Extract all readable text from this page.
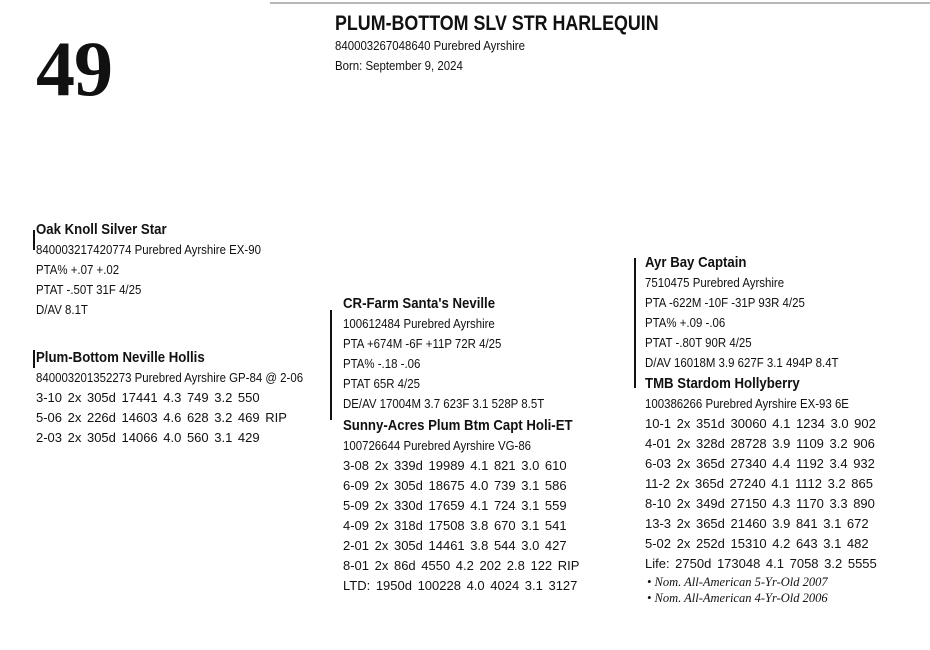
49
PLUM-BOTTOM SLV STR HARLEQUIN
840003267048640 Purebred Ayrshire
Born: September 9, 2024
Oak Knoll Silver Star
840003217420774 Purebred Ayrshire EX-90
PTA% +.07 +.02
PTAT -.50T 31F 4/25
D/AV 8.1T
Plum-Bottom Neville Hollis
840003201352273 Purebred Ayrshire GP-84 @ 2-06
3-10 2x 305d 17441 4.3 749 3.2 550
5-06 2x 226d 14603 4.6 628 3.2 469 RIP
2-03 2x 305d 14066 4.0 560 3.1 429
CR-Farm Santa's Neville
100612484 Purebred Ayrshire
PTA +674M -6F +11P 72R 4/25
PTA% -.18 -.06
PTAT 65R 4/25
DE/AV 17004M 3.7 623F 3.1 528P 8.5T
Sunny-Acres Plum Btm Capt Holi-ET
100726644 Purebred Ayrshire VG-86
3-08 2x 339d 19989 4.1 821 3.0 610
6-09 2x 305d 18675 4.0 739 3.1 586
5-09 2x 330d 17659 4.1 724 3.1 559
4-09 2x 318d 17508 3.8 670 3.1 541
2-01 2x 305d 14461 3.8 544 3.0 427
8-01 2x 86d 4550 4.2 202 2.8 122 RIP
LTD: 1950d 100228 4.0 4024 3.1 3127
Ayr Bay Captain
7510475 Purebred Ayrshire
PTA -622M -10F -31P 93R 4/25
PTA% +.09 -.06
PTAT -.80T 90R 4/25
D/AV 16018M 3.9 627F 3.1 494P 8.4T
TMB Stardom Hollyberry
100386266 Purebred Ayrshire EX-93 6E
10-1 2x 351d 30060 4.1 1234 3.0 902
4-01 2x 328d 28728 3.9 1109 3.2 906
6-03 2x 365d 27340 4.4 1192 3.4 932
11-2 2x 365d 27240 4.1 1112 3.2 865
8-10 2x 349d 27150 4.3 1170 3.3 890
13-3 2x 365d 21460 3.9 841 3.1 672
5-02 2x 252d 15310 4.2 643 3.1 482
Life: 2750d 173048 4.1 7058 3.2 5555
• Nom. All-American 5-Yr-Old 2007
• Nom. All-American 4-Yr-Old 2006
